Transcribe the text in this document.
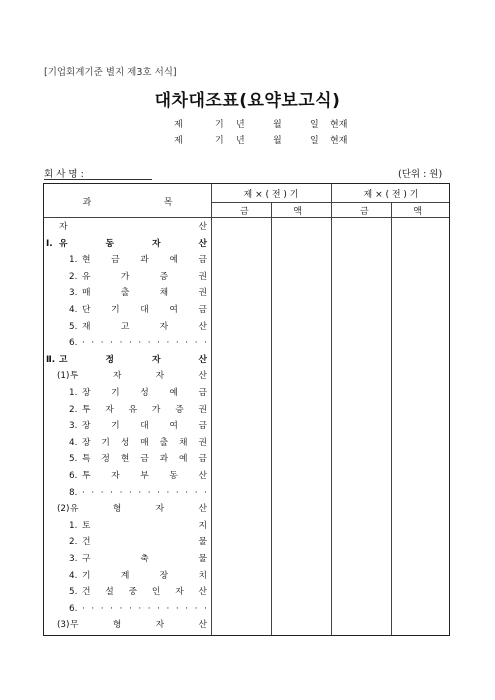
[기업회계기준 별지 제3호 서식]
대차대조표(요약보고식)
제	기 년	월	일 현재
제	기 년	월	일 현재
회 사 명 :	(단위 : 원)
과	목
제 × ( 전 ) 기	제 × ( 전 ) 기
금	액	금	액
자	산
Ⅰ. 유	동	자	산
1. 현 금 과 예 금
2. 유	가	증	권
3. 매	출	채	권
4. 단 기 대 여 금
5. 재	고	자	산
6. · · · · · · · · · · · · · ·
Ⅱ. 고	정	자	산
(1) 투	자	자	산
1. 장 기 성 예 금
2. 투 자 유 가 증 권
3. 장 기 대 여 금
4. 장 기 성 매 출 채 권
5. 특 정 현 금 과 예 금
6. 투 자 부 동 산
8. · · · · · · · · · · · · · ·
(2) 유	형	자	산
1. 토	지
2. 건	물
3. 구	축	물
4. 기	계	장	치
5. 건 설 중 인 자 산
6. · · · · · · · · · · · · · ·
(3) 무	형	자	산
